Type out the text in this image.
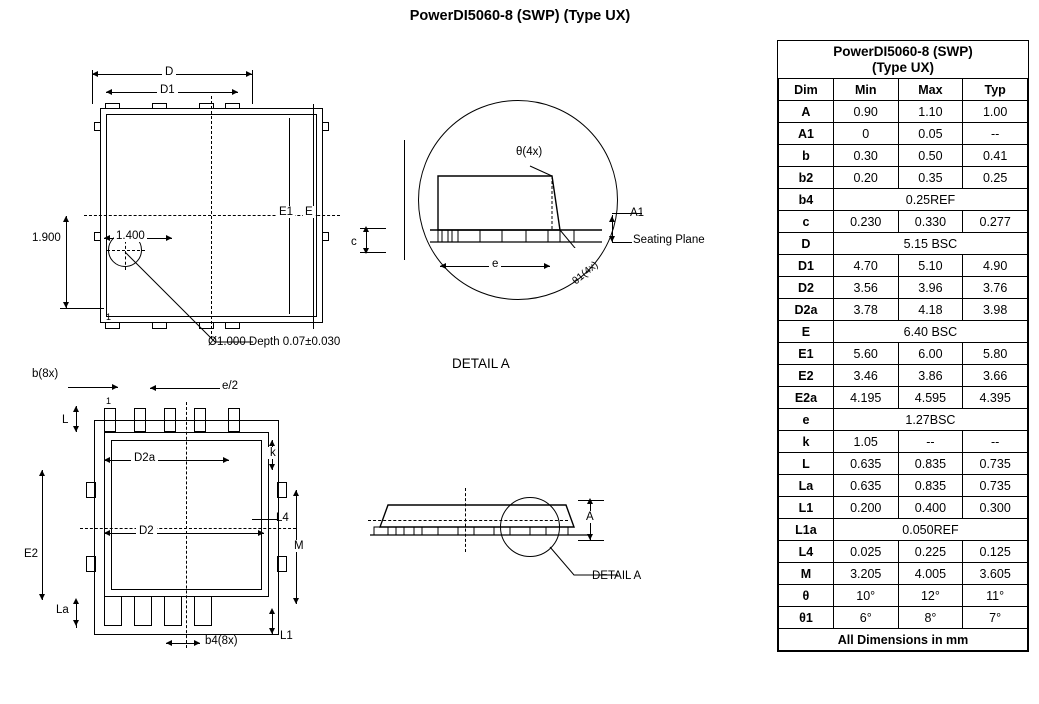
PowerDI5060-8 (SWP) (Type UX)
D
D1
E1 E
1.900	1.400
Ø1.000 Depth 0.07±0.030
1
c
e
θ(4x)
θ1(4x)
A1
Seating Plane
DETAIL A
b(8x)
e/2
L
D2a
D2
E2
k
L4
M
La
b4(8x)	L1
1
DETAIL A
A
PowerDI5060-8 (SWP)
(Type UX)			

Dim	Min	Max	Typ
A	0.90	1.10	1.00
A1	0	0.05	--
b	0.30	0.50	0.41
b2	0.20	0.35	0.25
b4	0.25REF		
c	0.230	0.330	0.277
D	5.15 BSC		
D1	4.70	5.10	4.90
D2	3.56	3.96	3.76
D2a	3.78	4.18	3.98
E	6.40 BSC		
E1	5.60	6.00	5.80
E2	3.46	3.86	3.66
E2a	4.195	4.595	4.395
e	1.27BSC		
k	1.05	--	--
L	0.635	0.835	0.735
La	0.635	0.835	0.735
L1	0.200	0.400	0.300
L1a	0.050REF		
L4	0.025	0.225	0.125
M	3.205	4.005	3.605
θ	10°	12°	11°
θ1	6°	8°	7°
All Dimensions in mm			
